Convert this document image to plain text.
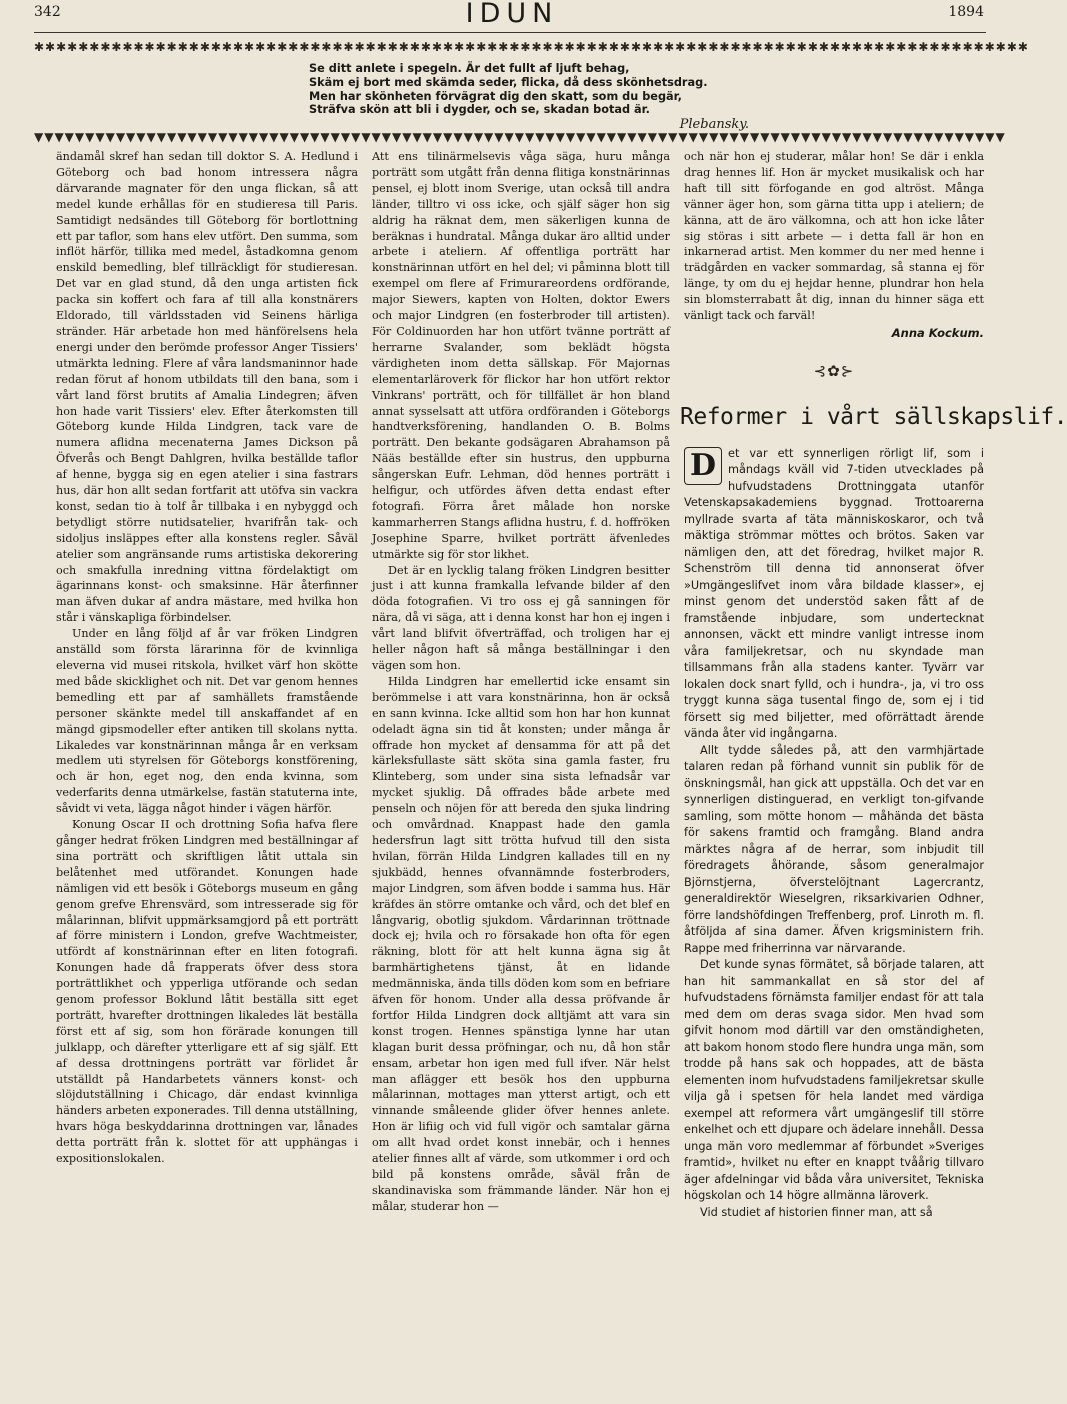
342	IDUN	1894
✱✱✱✱✱✱✱✱✱✱✱✱✱✱✱✱✱✱✱✱✱✱✱✱✱✱✱✱✱✱✱✱✱✱✱✱✱✱✱✱✱✱✱✱✱✱✱✱✱✱✱✱✱✱✱✱✱✱✱✱✱✱✱✱✱✱✱✱✱✱✱✱✱✱✱✱✱✱✱✱✱✱✱✱✱✱✱✱✱✱
Se ditt anlete i spegeln. Är det fullt af ljuft behag,
Skäm ej bort med skämda seder, flicka, då dess skönhetsdrag.
Men har skönheten förvägrat dig den skatt, som du begär,
Sträfva skön att bli i dygder, och se, skadan botad är.
Plebansky.
▼▼▼▼▼▼▼▼▼▼▼▼▼▼▼▼▼▼▼▼▼▼▼▼▼▼▼▼▼▼▼▼▼▼▼▼▼▼▼▼▼▼▼▼▼▼▼▼▼▼▼▼▼▼▼▼▼▼▼▼▼▼▼▼▼▼▼▼▼▼▼▼▼▼▼▼▼▼▼▼▼▼▼▼▼▼▼▼▼▼▼▼▼▼▼

ändamål skref han sedan till doktor S. A. Hedlund i Göteborg och bad honom intressera några därvarande magnater för den unga flickan, så att medel kunde erhållas för en studieresa till Paris. Samtidigt nedsändes till Göteborg för bortlottning ett par taflor, som hans elev utfört. Den summa, som inflöt härför, tillika med medel, åstadkomna genom enskild bemedling, blef tillräckligt för studieresan. Det var en glad stund, då den unga artisten fick packa sin koffert och fara af till alla konstnärers Eldorado, till världsstaden vid Seinens härliga stränder. Här arbetade hon med hänförelsens hela energi under den berömde professor Anger Tissiers' utmärkta ledning. Flere af våra landsmaninnor hade redan förut af honom utbildats till den bana, som i vårt land först brutits af Amalia Lindegren; äfven hon hade varit Tissiers' elev. Efter återkomsten till Göteborg kunde Hilda Lindgren, tack vare de numera aflidna mecenaterna James Dickson på Öfverås och Bengt Dahlgren, hvilka beställde taflor af henne, bygga sig en egen atelier i sina fastrars hus, där hon allt sedan fortfarit att utöfva sin vackra konst, sedan tio à tolf år tillbaka i en nybyggd och betydligt större nutidsatelier, hvarifrån tak- och sidoljus insläppes efter alla konstens regler. Såväl atelier som angränsande rums artistiska dekorering och smakfulla inredning vittna fördelaktigt om ägarinnans konst- och smaksinne. Här återfinner man äfven dukar af andra mästare, med hvilka hon står i vänskapliga förbindelser.

Under en lång följd af år var fröken Lindgren anställd som första lärarinna för de kvinnliga eleverna vid musei ritskola, hvilket värf hon skötte med både skicklighet och nit. Det var genom hennes bemedling ett par af samhällets framstående personer skänkte medel till anskaffandet af en mängd gipsmodeller efter antiken till skolans nytta. Likaledes var konstnärinnan många år en verksam medlem uti styrelsen för Göteborgs konstförening, och är hon, eget nog, den enda kvinna, som vederfarits denna utmärkelse, fastän statuterna inte, såvidt vi veta, lägga något hinder i vägen härför.

Konung Oscar II och drottning Sofia hafva flere gånger hedrat fröken Lindgren med beställningar af sina porträtt och skriftligen låtit uttala sin belåtenhet med utförandet. Konungen hade nämligen vid ett besök i Göteborgs museum en gång genom grefve Ehrensvärd, som intresserade sig för målarinnan, blifvit uppmärksamgjord på ett porträtt af förre ministern i London, grefve Wachtmeister, utfördt af konstnärinnan efter en liten fotografi. Konungen hade då frapperats öfver dess stora porträttlikhet och ypperliga utförande och sedan genom professor Boklund låtit beställa sitt eget porträtt, hvarefter drottningen likaledes lät beställa först ett af sig, som hon förärade konungen till julklapp, och därefter ytterligare ett af sig själf. Ett af dessa drottningens porträtt var förlidet år utställdt på Handarbetets vänners konst- och slöjdutställning i Chicago, där endast kvinnliga händers arbeten exponerades. Till denna utställning, hvars höga beskyddarinna drottningen var, lånades detta porträtt från k. slottet för att upphängas i expositionslokalen.

Att ens tilinärmelsevis våga säga, huru många porträtt som utgått från denna flitiga konstnärinnas pensel, ej blott inom Sverige, utan också till andra länder, tilltro vi oss icke, och själf säger hon sig aldrig ha räknat dem, men säkerligen kunna de beräknas i hundratal. Många dukar äro alltid under arbete i ateliern. Af offentliga porträtt har konstnärinnan utfört en hel del; vi påminna blott till exempel om flere af Frimurareordens ordförande, major Siewers, kapten von Holten, doktor Ewers och major Lindgren (en fosterbroder till artisten). För Coldinuorden har hon utfört tvänne porträtt af herrarne Svalander, som beklädt högsta värdigheten inom detta sällskap. För Majornas elementarläroverk för flickor har hon utfört rektor Vinkrans' porträtt, och för tillfället är hon bland annat sysselsatt att utföra ordföranden i Göteborgs handtverksförening, handlanden O. B. Bolms porträtt. Den bekante godsägaren Abrahamson på Nääs beställde efter sin hustrus, den uppburna sångerskan Eufr. Lehman, död hennes porträtt i helfigur, och utfördes äfven detta endast efter fotografi. Förra året målade hon norske kammarherren Stangs aflidna hustru, f. d. hoffröken Josephine Sparre, hvilket porträtt äfvenledes utmärkte sig för stor likhet.

Det är en lycklig talang fröken Lindgren besitter just i att kunna framkalla lefvande bilder af den döda fotografien. Vi tro oss ej gå sanningen för nära, då vi säga, att i denna konst har hon ej ingen i vårt land blifvit öfverträffad, och troligen har ej heller någon haft så många beställningar i den vägen som hon.

Hilda Lindgren har emellertid icke ensamt sin berömmelse i att vara konstnärinna, hon är också en sann kvinna. Icke alltid som hon har hon kunnat odeladt ägna sin tid åt konsten; under många år offrade hon mycket af densamma för att på det kärleksfullaste sätt sköta sina gamla faster, fru Klinteberg, som under sina sista lefnadsår var mycket sjuklig. Då offrades både arbete med penseln och nöjen för att bereda den sjuka lindring och omvårdnad. Knappast hade den gamla hedersfrun lagt sitt trötta hufvud till den sista hvilan, förrän Hilda Lindgren kallades till en ny sjukbädd, hennes ofvannämnde fosterbroders, major Lindgren, som äfven bodde i samma hus. Här kräfdes än större omtanke och vård, och det blef en långvarig, obotlig sjukdom. Vårdarinnan tröttnade dock ej; hvila och ro försakade hon ofta för egen räkning, blott för att helt kunna ägna sig åt barmhärtighetens tjänst, åt en lidande medmänniska, ända tills döden kom som en befriare äfven för honom. Under alla dessa pröfvande år fortfor Hilda Lindgren dock alltjämt att vara sin konst trogen. Hennes spänstiga lynne har utan klagan burit dessa pröfningar, och nu, då hon står ensam, arbetar hon igen med full ifver. När helst man aflägger ett besök hos den uppburna målarinnan, mottages man ytterst artigt, och ett vinnande småleende glider öfver hennes anlete. Hon är lifiig och vid full vigör och samtalar gärna om allt hvad ordet konst innebär, och i hennes atelier finnes allt af värde, som utkommer i ord och bild på konstens område, såväl från de skandinaviska som främmande länder. När hon ej målar, studerar hon —

och när hon ej studerar, målar hon! Se där i enkla drag hennes lif. Hon är mycket musikalisk och har haft till sitt förfogande en god altröst. Många vänner äger hon, som gärna titta upp i ateliern; de känna, att de äro välkomna, och att hon icke låter sig störas i sitt arbete — i detta fall är hon en inkarnerad artist. Men kommer du ner med henne i trädgården en vacker sommardag, så stanna ej för länge, ty om du ej hejdar henne, plundrar hon hela sin blomsterrabatt åt dig, innan du hinner säga ett vänligt tack och farväl!

Anna Kockum.
⊰✿⊱
Reformer i vårt sällskapslif.

D	et var ett synnerligen rörligt lif, som i måndags kväll vid 7-tiden utvecklades på hufvudstadens Drottninggata utanför Vetenskapsakademiens byggnad. Trottoarerna myllrade svarta af täta människoskaror, och två mäktiga strömmar möttes och brötos. Saken var nämligen den, att det föredrag, hvilket major R. Schenström till denna tid annonserat öfver »Umgängeslifvet inom våra bildade klasser», ej minst genom det understöd saken fått af de framstående inbjudare, som undertecknat annonsen, väckt ett mindre vanligt intresse inom våra familjekretsar, och nu skyndade man tillsammans från alla stadens kanter. Tyvärr var lokalen dock snart fylld, och i hundra-, ja, vi tro oss tryggt kunna säga tusental fingo de, som ej i tid försett sig med biljetter, med oförrättadt ärende vända åter vid ingångarna.

Allt tydde således på, att den varmhjärtade talaren redan på förhand vunnit sin publik för de önskningsmål, han gick att uppställa. Och det var en synnerligen distinguerad, en verkligt ton-gifvande samling, som mötte honom — måhända det bästa för sakens framtid och framgång. Bland andra märktes några af de herrar, som inbjudit till föredragets åhörande, såsom generalmajor Björnstjerna, öfverstelöjtnant Lagercrantz, generaldirektör Wieselgren, riksarkivarien Odhner, förre landshöfdingen Treffenberg, prof. Linroth m. fl. åtföljda af sina damer. Äfven krigsministern frih. Rappe med friherrinna var närvarande.

Det kunde synas förmätet, så började talaren, att han hit sammankallat en så stor del af hufvudstadens förnämsta familjer endast för att tala med dem om deras svaga sidor. Men hvad som gifvit honom mod därtill var den omständigheten, att bakom honom stodo flere hundra unga män, som trodde på hans sak och hoppades, att de bästa elementen inom hufvudstadens familjekretsar skulle vilja gå i spetsen för hela landet med värdiga exempel att reformera vårt umgängeslif till större enkelhet och ett djupare och ädelare innehåll. Dessa unga män voro medlemmar af förbundet »Sveriges framtid», hvilket nu efter en knappt tvåårig tillvaro äger afdelningar vid båda våra universitet, Tekniska högskolan och 14 högre allmänna läroverk.

Vid studiet af historien finner man, att så
